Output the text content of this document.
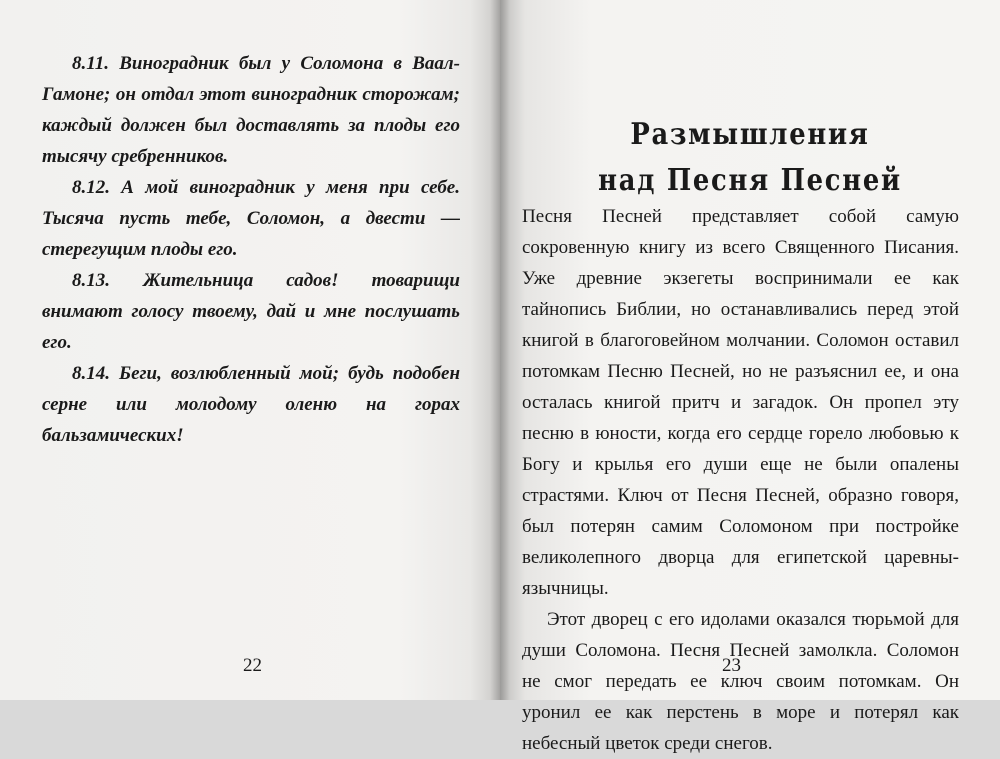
8.11. Виноградник был у Соломона в Ваал-Гамоне; он отдал этот виноградник сторожам; каждый должен был доставлять за плоды его тысячу сребренников.

8.12. А мой виноградник у меня при себе. Тысяча пусть тебе, Соломон, а двести — стерегущим плоды его.

8.13. Жительница садов! товарищи внимают голосу твоему, дай и мне послушать его.

8.14. Беги, возлюбленный мой; будь подобен серне или молодому оленю на горах бальзамических!

22
Размышления
над Песня Песней

Песня Песней представляет собой самую сокровенную книгу из всего Священного Писания. Уже древние экзегеты воспринимали ее как тайнопись Библии, но останавливались перед этой книгой в благоговейном молчании. Соломон оставил потомкам Песню Песней, но не разъяснил ее, и она осталась книгой притч и загадок. Он пропел эту песню в юности, когда его сердце горело любовью к Богу и крылья его души еще не были опалены страстями. Ключ от Песня Песней, образно говоря, был потерян самим Соломоном при постройке великолепного дворца для египетской царевны-язычницы.

Этот дворец с его идолами оказался тюрьмой для души Соломона. Песня Песней замолкла. Соломон не смог передать ее ключ своим потомкам. Он уронил ее как перстень в море и потерял как небесный цветок среди снегов.

23
